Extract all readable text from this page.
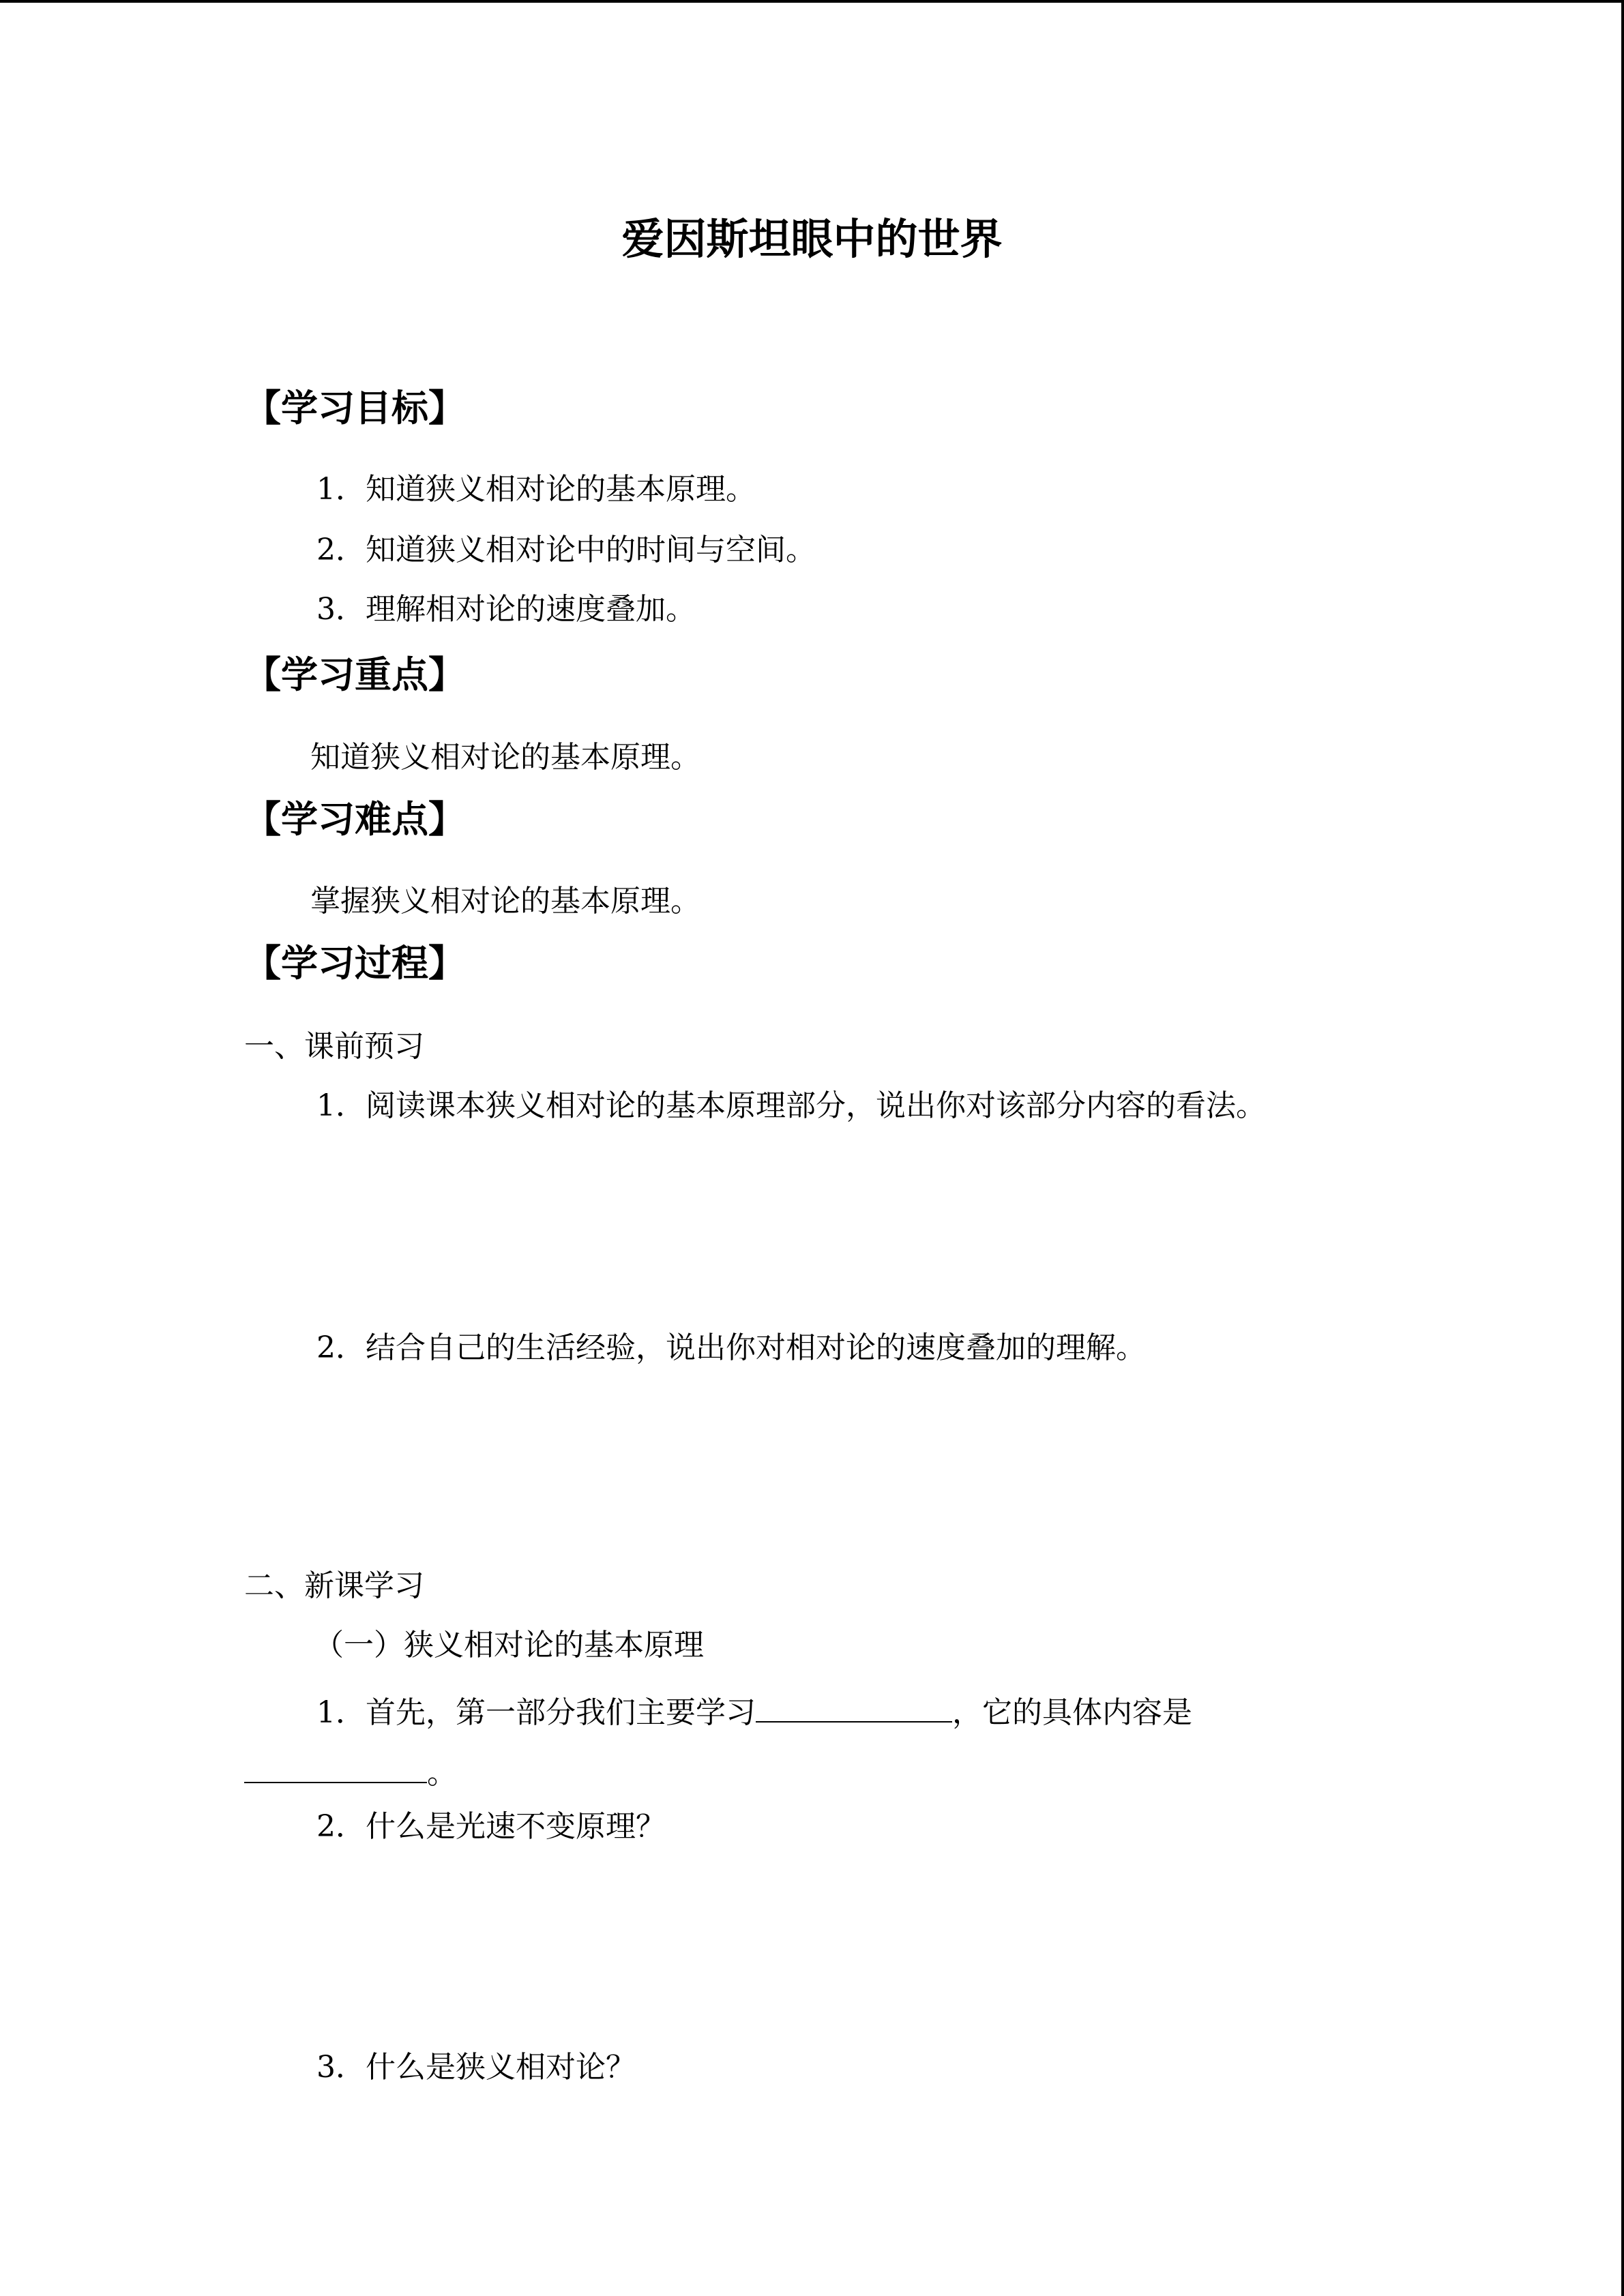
爱因斯坦眼中的世界
【学习目标】
1．知道狭义相对论的基本原理。
2．知道狭义相对论中的时间与空间。
3．理解相对论的速度叠加。
【学习重点】
知道狭义相对论的基本原理。
【学习难点】
掌握狭义相对论的基本原理。
【学习过程】
一、课前预习
1．阅读课本狭义相对论的基本原理部分，说出你对该部分内容的看法。
2．结合自己的生活经验，说出你对相对论的速度叠加的理解。
二、新课学习
（一）狭义相对论的基本原理
1．首先，第一部分我们主要学习	，它的具体内容是
。
2．什么是光速不变原理？
3．什么是狭义相对论？
